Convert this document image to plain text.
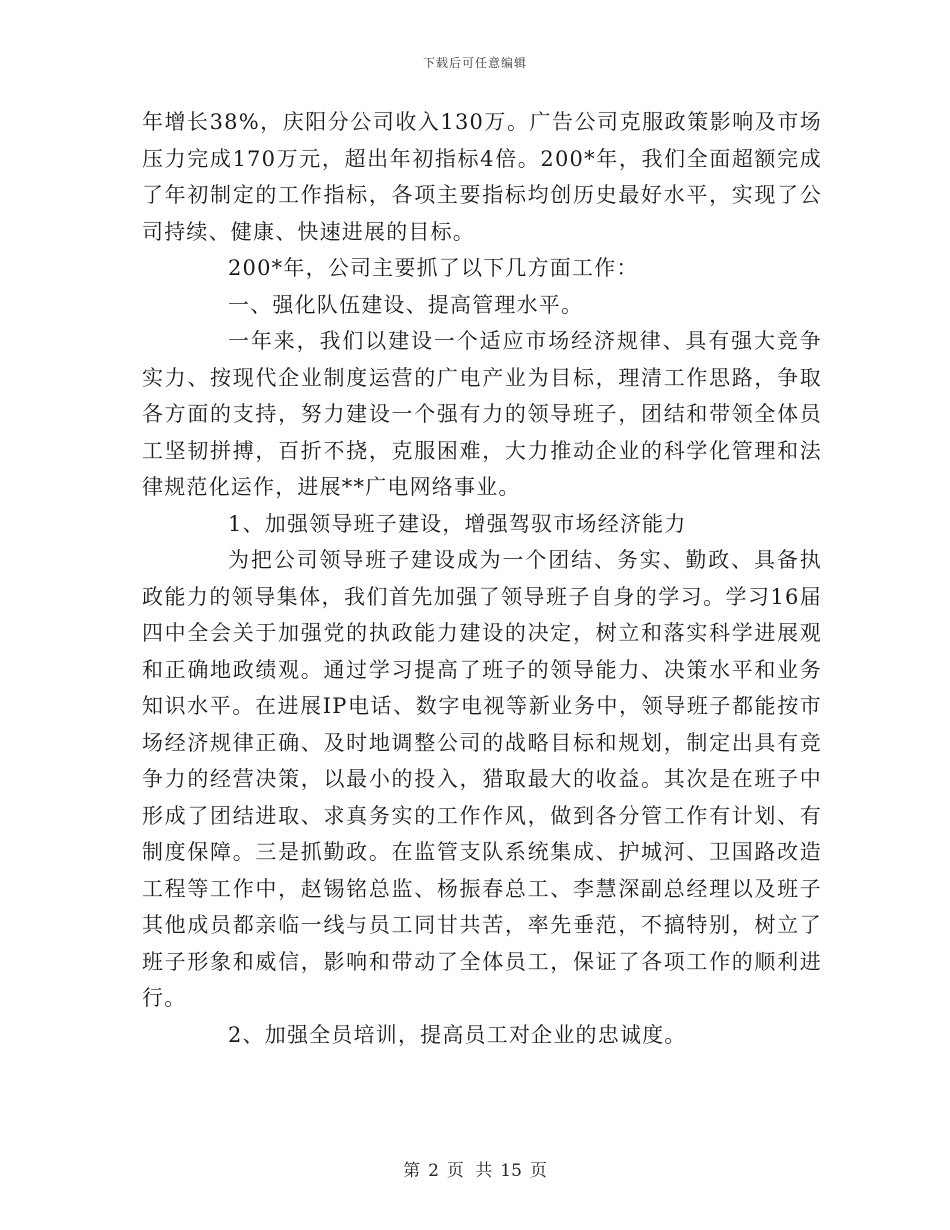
下载后可任意编辑

年增长38%，庆阳分公司收入130万。广告公司克服政策影响及市场压力完成170万元，超出年初指标4倍。200*年，我们全面超额完成了年初制定的工作指标，各项主要指标均创历史最好水平，实现了公司持续、健康、快速进展的目标。

200*年，公司主要抓了以下几方面工作：

一、强化队伍建设、提高管理水平。

一年来，我们以建设一个适应市场经济规律、具有强大竞争实力、按现代企业制度运营的广电产业为目标，理清工作思路，争取各方面的支持，努力建设一个强有力的领导班子，团结和带领全体员工坚韧拼搏，百折不挠，克服困难，大力推动企业的科学化管理和法律规范化运作，进展**广电网络事业。

1、加强领导班子建设，增强驾驭市场经济能力

为把公司领导班子建设成为一个团结、务实、勤政、具备执政能力的领导集体，我们首先加强了领导班子自身的学习。学习16届四中全会关于加强党的执政能力建设的决定，树立和落实科学进展观和正确地政绩观。通过学习提高了班子的领导能力、决策水平和业务知识水平。在进展IP电话、数字电视等新业务中，领导班子都能按市场经济规律正确、及时地调整公司的战略目标和规划，制定出具有竞争力的经营决策，以最小的投入，猎取最大的收益。其次是在班子中形成了团结进取、求真务实的工作作风，做到各分管工作有计划、有制度保障。三是抓勤政。在监管支队系统集成、护城河、卫国路改造工程等工作中，赵锡铭总监、杨振春总工、李慧深副总经理以及班子其他成员都亲临一线与员工同甘共苦，率先垂范，不搞特别，树立了班子形象和威信，影响和带动了全体员工，保证了各项工作的顺利进行。

2、加强全员培训，提高员工对企业的忠诚度。

第 2 页 共 15 页
